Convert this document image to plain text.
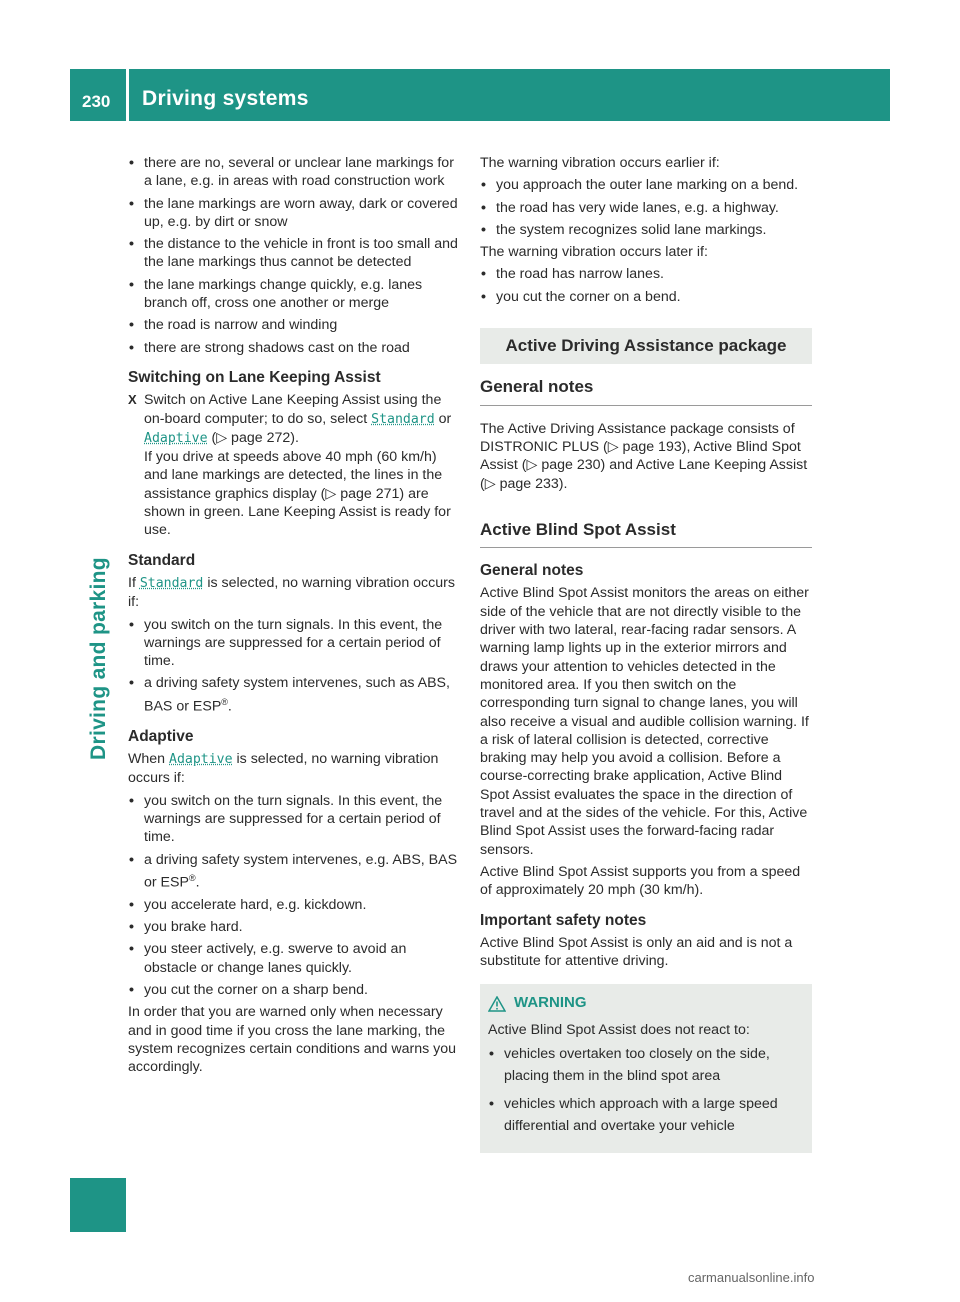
230 Driving systems
Driving and parking
• there are no, several or unclear lane markings for a lane, e.g. in areas with road construction work
• the lane markings are worn away, dark or covered up, e.g. by dirt or snow
• the distance to the vehicle in front is too small and the lane markings thus cannot be detected
• the lane markings change quickly, e.g. lanes branch off, cross one another or merge
• the road is narrow and winding
• there are strong shadows cast on the road
Switching on Lane Keeping Assist
X Switch on Active Lane Keeping Assist using the on-board computer; to do so, select Standard or Adaptive (▷ page 272).
If you drive at speeds above 40 mph (60 km/h) and lane markings are detected, the lines in the assistance graphics display (▷ page 271) are shown in green. Lane Keeping Assist is ready for use.
Standard
If Standard is selected, no warning vibration occurs if:
• you switch on the turn signals. In this event, the warnings are suppressed for a certain period of time.
• a driving safety system intervenes, such as ABS, BAS or ESP®.
Adaptive
When Adaptive is selected, no warning vibration occurs if:
• you switch on the turn signals. In this event, the warnings are suppressed for a certain period of time.
• a driving safety system intervenes, e.g. ABS, BAS or ESP®.
• you accelerate hard, e.g. kickdown.
• you brake hard.
• you steer actively, e.g. swerve to avoid an obstacle or change lanes quickly.
• you cut the corner on a sharp bend.
In order that you are warned only when necessary and in good time if you cross the lane marking, the system recognizes certain conditions and warns you accordingly.
The warning vibration occurs earlier if:
• you approach the outer lane marking on a bend.
• the road has very wide lanes, e.g. a highway.
• the system recognizes solid lane markings.
The warning vibration occurs later if:
• the road has narrow lanes.
• you cut the corner on a bend.
Active Driving Assistance package
General notes
The Active Driving Assistance package consists of DISTRONIC PLUS (▷ page 193), Active Blind Spot Assist (▷ page 230) and Active Lane Keeping Assist (▷ page 233).
Active Blind Spot Assist
General notes
Active Blind Spot Assist monitors the areas on either side of the vehicle that are not directly visible to the driver with two lateral, rear-facing radar sensors. A warning lamp lights up in the exterior mirrors and draws your attention to vehicles detected in the monitored area. If you then switch on the corresponding turn signal to change lanes, you will also receive a visual and audible collision warning. If a risk of lateral collision is detected, corrective braking may help you avoid a collision. Before a course-correcting brake application, Active Blind Spot Assist evaluates the space in the direction of travel and at the sides of the vehicle. For this, Active Blind Spot Assist uses the forward-facing radar sensors.
Active Blind Spot Assist supports you from a speed of approximately 20 mph (30 km/h).
Important safety notes
Active Blind Spot Assist is only an aid and is not a substitute for attentive driving.
WARNING
Active Blind Spot Assist does not react to:
• vehicles overtaken too closely on the side, placing them in the blind spot area
• vehicles which approach with a large speed differential and overtake your vehicle
carmanualsonline.info
